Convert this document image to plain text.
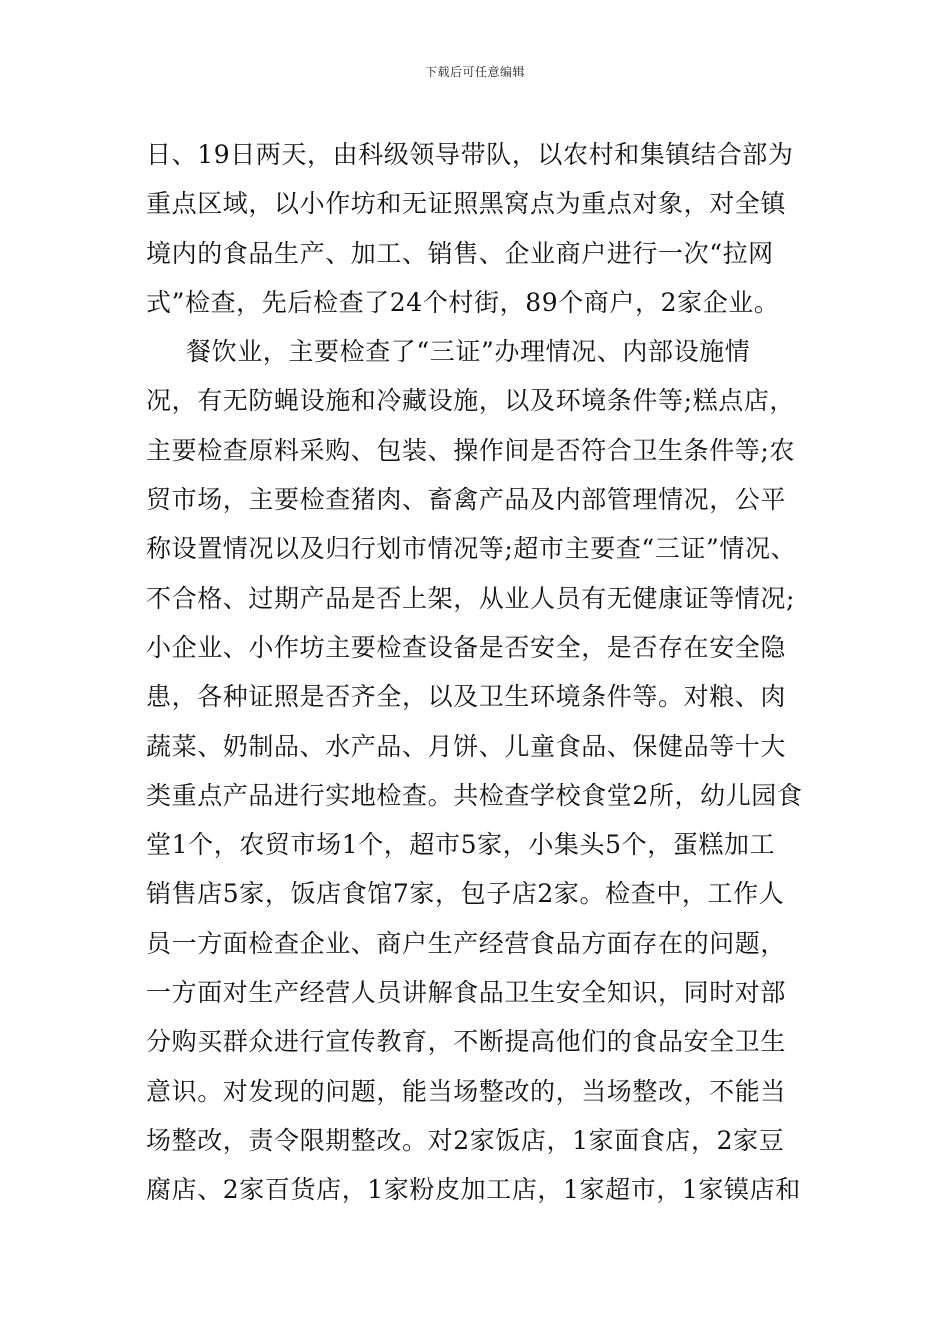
下载后可任意编辑
日、19日两天，由科级领导带队，以农村和集镇结合部为
重点区域，以小作坊和无证照黑窝点为重点对象，对全镇
境内的食品生产、加工、销售、企业商户进行一次“拉网
式”检查，先后检查了24个村街，89个商户，2家企业。
餐饮业，主要检查了“三证”办理情况、内部设施情
况，有无防蝇设施和冷藏设施，以及环境条件等;糕点店，
主要检查原料采购、包装、操作间是否符合卫生条件等;农
贸市场，主要检查猪肉、畜禽产品及内部管理情况，公平
称设置情况以及归行划市情况等;超市主要查“三证”情况、
不合格、过期产品是否上架，从业人员有无健康证等情况;
小企业、小作坊主要检查设备是否安全，是否存在安全隐
患，各种证照是否齐全，以及卫生环境条件等。对粮、肉
蔬菜、奶制品、水产品、月饼、儿童食品、保健品等十大
类重点产品进行实地检查。共检查学校食堂2所，幼儿园食
堂1个，农贸市场1个，超市5家，小集头5个，蛋糕加工
销售店5家，饭店食馆7家，包子店2家。检查中，工作人
员一方面检查企业、商户生产经营食品方面存在的问题，
一方面对生产经营人员讲解食品卫生安全知识，同时对部
分购买群众进行宣传教育，不断提高他们的食品安全卫生
意识。对发现的问题，能当场整改的，当场整改，不能当
场整改，责令限期整改。对2家饭店，1家面食店，2家豆
腐店、2家百货店，1家粉皮加工店，1家超市，1家镆店和
